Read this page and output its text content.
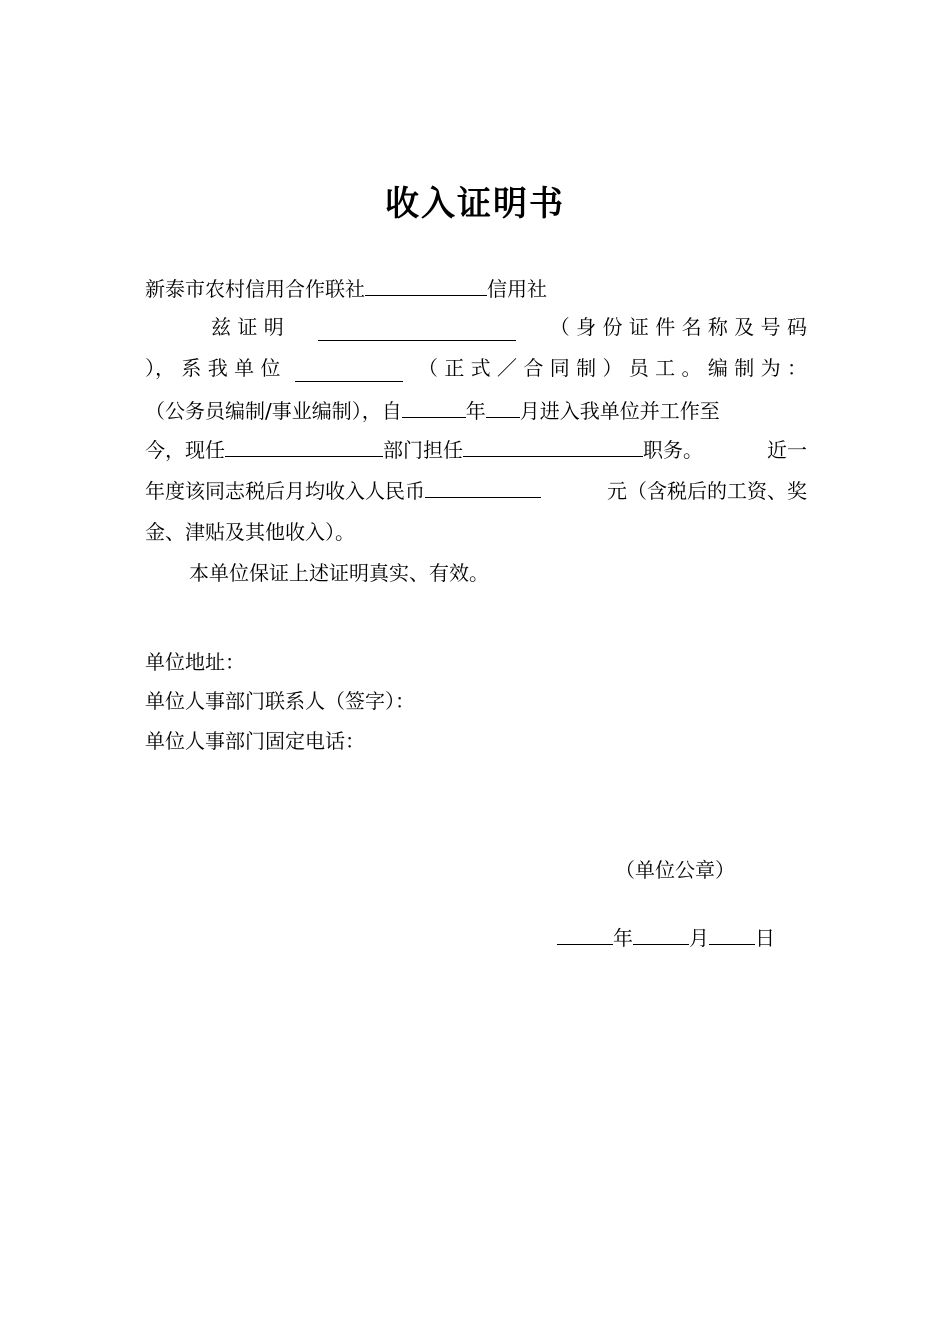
收入证明书
新泰市农村信用合作联社	信用社
兹 证 明	（ 身 份 证 件 名 称 及 号 码
）， 系 我 单 位	（ 正 式 ／ 合 同 制 ） 员 工 。 编 制 为 ：
（公务员编制/事业编制），自	年 月进入我单位并工作至
今，现任	部门担任	职务。	近一
年度该同志税后月均收入人民币	元（含税后的工资、奖
金、津贴及其他收入）。
本单位保证上述证明真实、有效。
单位地址：
单位人事部门联系人（签字）：
单位人事部门固定电话：
（单位公章）
年	月 日
